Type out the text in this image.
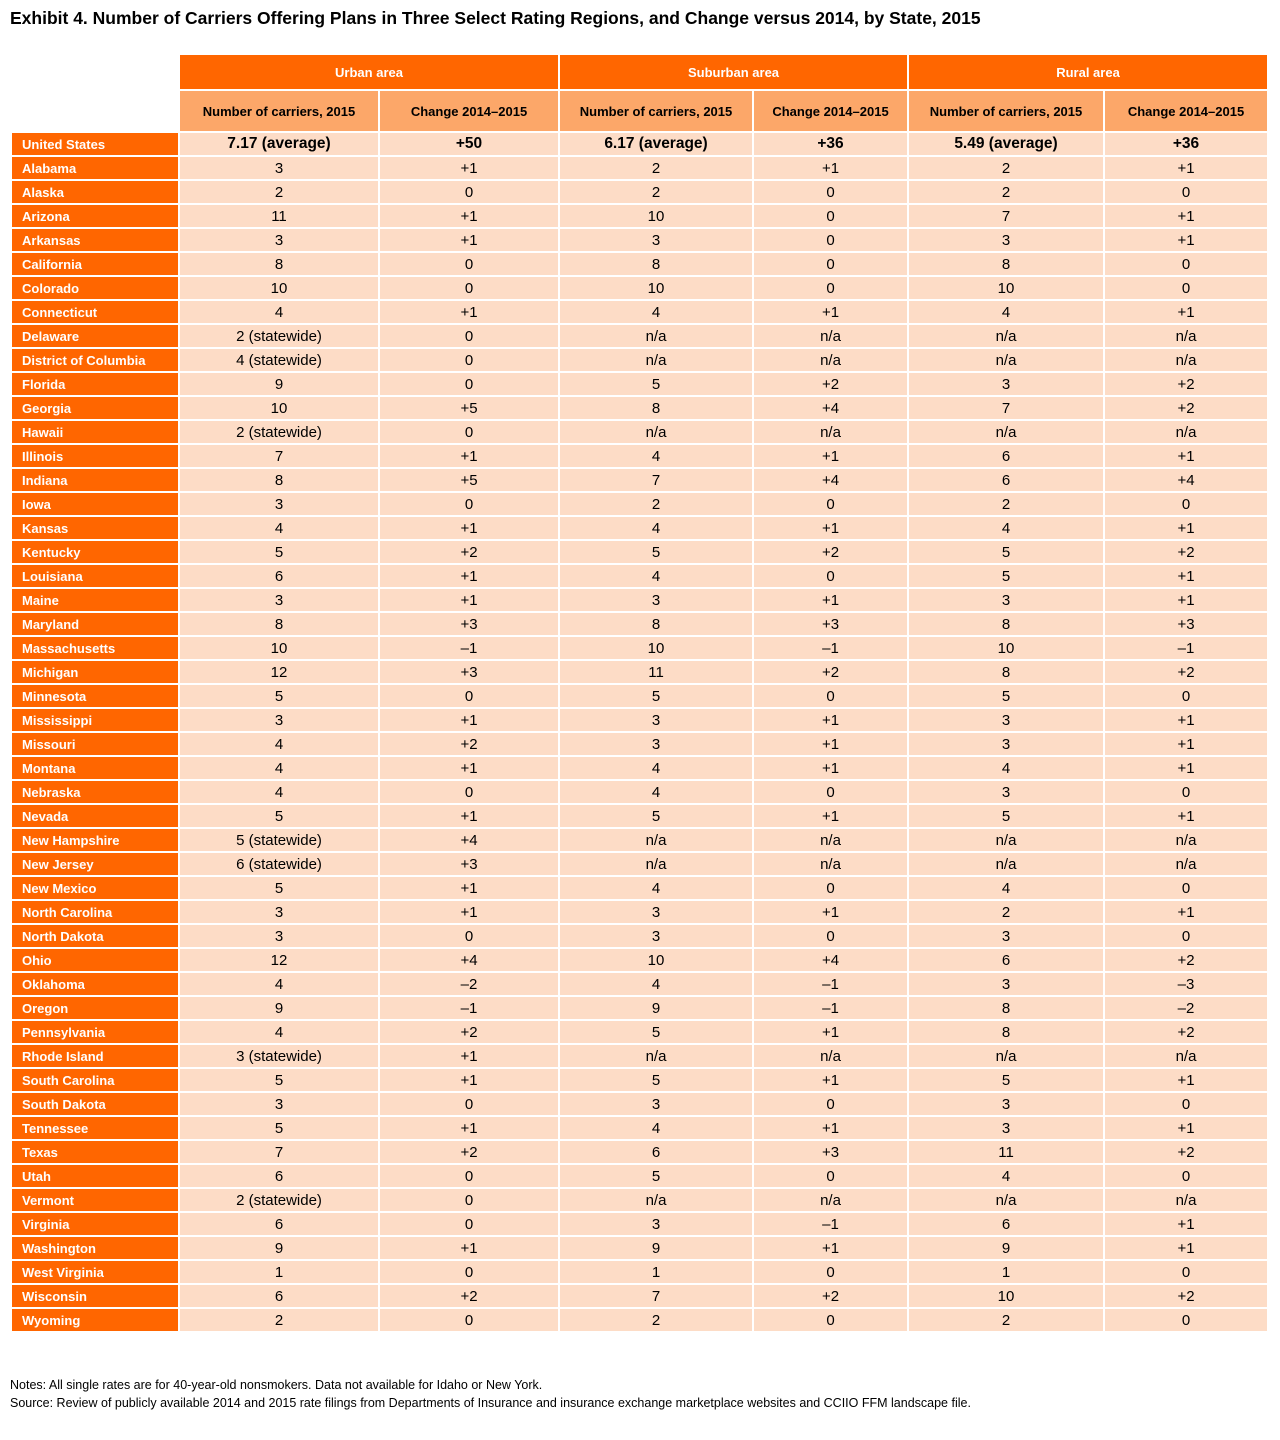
Exhibit 4. Number of Carriers Offering Plans in Three Select Rating Regions, and Change versus 2014, by State, 2015
	Urban area		Suburban area		Rural area	
	Number of carriers, 2015	Change 2014–2015	Number of carriers, 2015	Change 2014–2015	Number of carriers, 2015	Change 2014–2015
United States	7.17 (average)	+50	6.17 (average)	+36	5.49 (average)	+36
Alabama	3	+1	2	+1	2	+1
Alaska	2	0	2	0	2	0
Arizona	11	+1	10	0	7	+1
Arkansas	3	+1	3	0	3	+1
California	8	0	8	0	8	0
Colorado	10	0	10	0	10	0
Connecticut	4	+1	4	+1	4	+1
Delaware	2 (statewide)	0	n/a	n/a	n/a	n/a
District of Columbia	4 (statewide)	0	n/a	n/a	n/a	n/a
Florida	9	0	5	+2	3	+2
Georgia	10	+5	8	+4	7	+2
Hawaii	2 (statewide)	0	n/a	n/a	n/a	n/a
Illinois	7	+1	4	+1	6	+1
Indiana	8	+5	7	+4	6	+4
Iowa	3	0	2	0	2	0
Kansas	4	+1	4	+1	4	+1
Kentucky	5	+2	5	+2	5	+2
Louisiana	6	+1	4	0	5	+1
Maine	3	+1	3	+1	3	+1
Maryland	8	+3	8	+3	8	+3
Massachusetts	10	–1	10	–1	10	–1
Michigan	12	+3	11	+2	8	+2
Minnesota	5	0	5	0	5	0
Mississippi	3	+1	3	+1	3	+1
Missouri	4	+2	3	+1	3	+1
Montana	4	+1	4	+1	4	+1
Nebraska	4	0	4	0	3	0
Nevada	5	+1	5	+1	5	+1
New Hampshire	5 (statewide)	+4	n/a	n/a	n/a	n/a
New Jersey	6 (statewide)	+3	n/a	n/a	n/a	n/a
New Mexico	5	+1	4	0	4	0
North Carolina	3	+1	3	+1	2	+1
North Dakota	3	0	3	0	3	0
Ohio	12	+4	10	+4	6	+2
Oklahoma	4	–2	4	–1	3	–3
Oregon	9	–1	9	–1	8	–2
Pennsylvania	4	+2	5	+1	8	+2
Rhode Island	3 (statewide)	+1	n/a	n/a	n/a	n/a
South Carolina	5	+1	5	+1	5	+1
South Dakota	3	0	3	0	3	0
Tennessee	5	+1	4	+1	3	+1
Texas	7	+2	6	+3	11	+2
Utah	6	0	5	0	4	0
Vermont	2 (statewide)	0	n/a	n/a	n/a	n/a
Virginia	6	0	3	–1	6	+1
Washington	9	+1	9	+1	9	+1
West Virginia	1	0	1	0	1	0
Wisconsin	6	+2	7	+2	10	+2
Wyoming	2	0	2	0	2	0
Notes: All single rates are for 40-year-old nonsmokers. Data not available for Idaho or New York.
Source: Review of publicly available 2014 and 2015 rate filings from Departments of Insurance and insurance exchange marketplace websites and CCIIO FFM landscape file.
